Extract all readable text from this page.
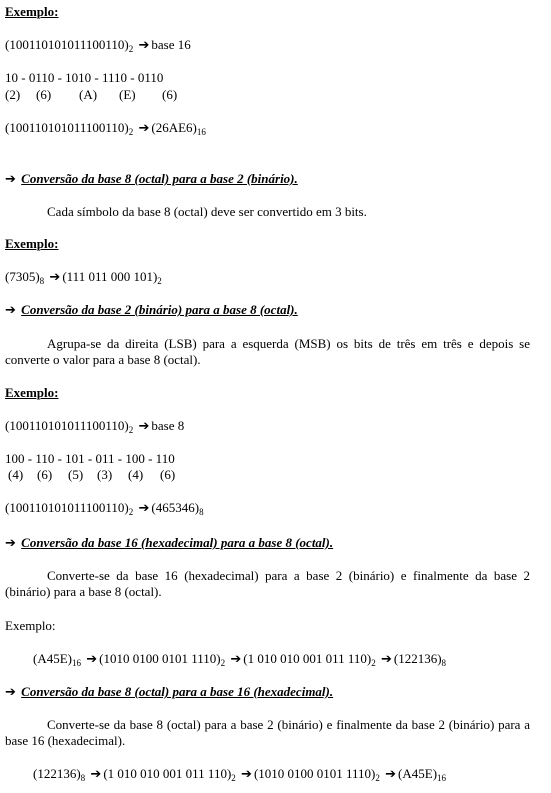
Exemplo:
$(100110101011100110)_2$ ➔ base 16
10 - 0110 - 1010 - 1110 - 0110
(2) (6) (A) (E) (6)
$(100110101011100110)_2$ ➔ $(26AE6)_{16}$
➔ Conversão da base 8 (octal) para a base 2 (binário).
Cada símbolo da base 8 (octal) deve ser convertido em 3 bits.
Exemplo:
$(7305)_8$ ➔ (111 011 000 $101)_2$
➔ Conversão da base 2 (binário) para a base 8 (octal).
Agrupa-se da direita (LSB) para a esquerda (MSB) os bits de três em três e depois se converte o valor para a base 8 (octal).
Exemplo:
$(100110101011100110)_2$ ➔ base 8
100 - 110 - 101 - 011 - 100 - 110
(4) (6) (5) (3) (4) (6)
$(100110101011100110)_2$ ➔ $(465346)_8$
➔ Conversão da base 16 (hexadecimal) para a base 8 (octal).
Converte-se da base 16 (hexadecimal) para a base 2 (binário) e finalmente da base 2 (binário) para a base 8 (octal).
Exemplo:
$(A45E)_{16}$ ➔ (1010 0100 0101 $1110)_2$ ➔ (1 010 010 001 011 $110)_2$ ➔ $(122136)_8$
➔ Conversão da base 8 (octal) para a base 16 (hexadecimal).
Converte-se da base 8 (octal) para a base 2 (binário) e finalmente da base 2 (binário) para a base 16 (hexadecimal).
$(122136)_8$ ➔ (1 010 010 001 011 $110)_2$ ➔ (1010 0100 0101 $1110)_2$ ➔ $(A45E)_{16}$
